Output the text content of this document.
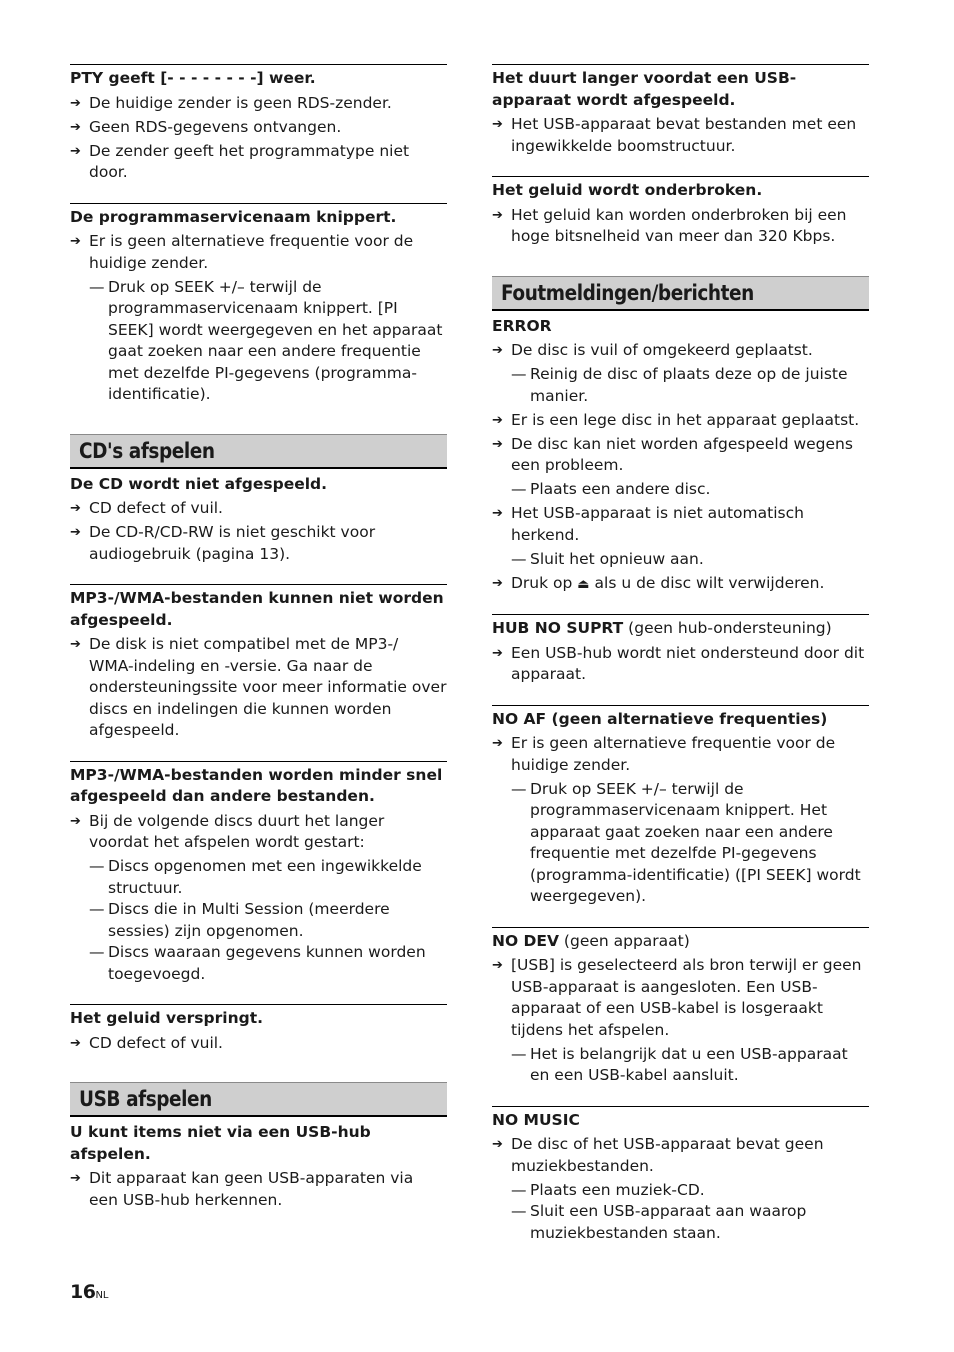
PTY geeft [- - - - - - - -] weer.
➔ De huidige zender is geen RDS-zender.
➔ Geen RDS-gegevens ontvangen.
➔ De zender geeft het programmatype niet door.
De programmaservicenaam knippert.
➔ Er is geen alternatieve frequentie voor de huidige zender.
— Druk op SEEK +/– terwijl de programmaservicenaam knippert. [PI SEEK] wordt weergegeven en het apparaat gaat zoeken naar een andere frequentie met dezelfde PI-gegevens (programma-identificatie).
CD's afspelen
De CD wordt niet afgespeeld.
➔ CD defect of vuil.
➔ De CD-R/CD-RW is niet geschikt voor audiogebruik (pagina 13).
MP3-/WMA-bestanden kunnen niet worden afgespeeld.
➔ De disk is niet compatibel met de MP3-/ WMA-indeling en -versie. Ga naar de ondersteuningssite voor meer informatie over discs en indelingen die kunnen worden afgespeeld.
MP3-/WMA-bestanden worden minder snel afgespeeld dan andere bestanden.
➔ Bij de volgende discs duurt het langer voordat het afspelen wordt gestart:
— Discs opgenomen met een ingewikkelde structuur.
— Discs die in Multi Session (meerdere sessies) zijn opgenomen.
— Discs waaraan gegevens kunnen worden toegevoegd.
Het geluid verspringt.
➔ CD defect of vuil.
USB afspelen
U kunt items niet via een USB-hub afspelen.
➔ Dit apparaat kan geen USB-apparaten via een USB-hub herkennen.
Het duurt langer voordat een USB-apparaat wordt afgespeeld.
➔ Het USB-apparaat bevat bestanden met een ingewikkelde boomstructuur.
Het geluid wordt onderbroken.
➔ Het geluid kan worden onderbroken bij een hoge bitsnelheid van meer dan 320 Kbps.
Foutmeldingen/berichten
ERROR
➔ De disc is vuil of omgekeerd geplaatst.
— Reinig de disc of plaats deze op de juiste manier.
➔ Er is een lege disc in het apparaat geplaatst.
➔ De disc kan niet worden afgespeeld wegens een probleem.
— Plaats een andere disc.
➔ Het USB-apparaat is niet automatisch herkend.
— Sluit het opnieuw aan.
➔ Druk op ⏏ als u de disc wilt verwijderen.
HUB NO SUPRT (geen hub-ondersteuning)
➔ Een USB-hub wordt niet ondersteund door dit apparaat.
NO AF (geen alternatieve frequenties)
➔ Er is geen alternatieve frequentie voor de huidige zender.
— Druk op SEEK +/– terwijl de programmaservicenaam knippert. Het apparaat gaat zoeken naar een andere frequentie met dezelfde PI-gegevens (programma-identificatie) ([PI SEEK] wordt weergegeven).
NO DEV (geen apparaat)
➔ [USB] is geselecteerd als bron terwijl er geen USB-apparaat is aangesloten. Een USB-apparaat of een USB-kabel is losgeraakt tijdens het afspelen.
— Het is belangrijk dat u een USB-apparaat en een USB-kabel aansluit.
NO MUSIC
➔ De disc of het USB-apparaat bevat geen muziekbestanden.
— Plaats een muziek-CD.
— Sluit een USB-apparaat aan waarop muziekbestanden staan.
16NL
